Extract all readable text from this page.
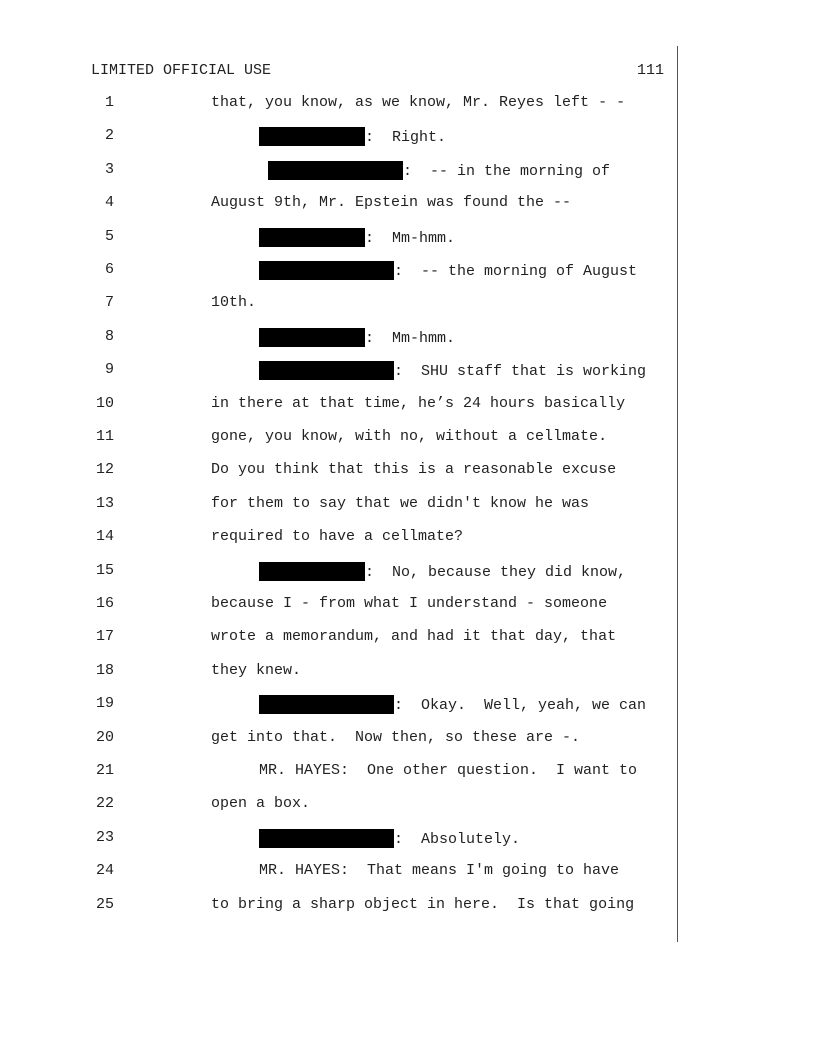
LIMITED OFFICIAL USE	111
1	that, you know, as we know, Mr. Reyes left - -
2	:  Right.
3	:  -- in the morning of
4	August 9th, Mr. Epstein was found the --
5	:  Mm-hmm.
6	:  -- the morning of August
7	10th.
8	:  Mm-hmm.
9	:  SHU staff that is working
10	in there at that time, he’s 24 hours basically
11	gone, you know, with no, without a cellmate.
12	Do you think that this is a reasonable excuse
13	for them to say that we didn't know he was
14	required to have a cellmate?
15	:  No, because they did know,
16	because I - from what I understand - someone
17	wrote a memorandum, and had it that day, that
18	they knew.
19	:  Okay.  Well, yeah, we can
20	get into that.  Now then, so these are -.
21	MR. HAYES:  One other question.  I want to
22	open a box.
23	:  Absolutely.
24	MR. HAYES:  That means I'm going to have
25	to bring a sharp object in here.  Is that going
